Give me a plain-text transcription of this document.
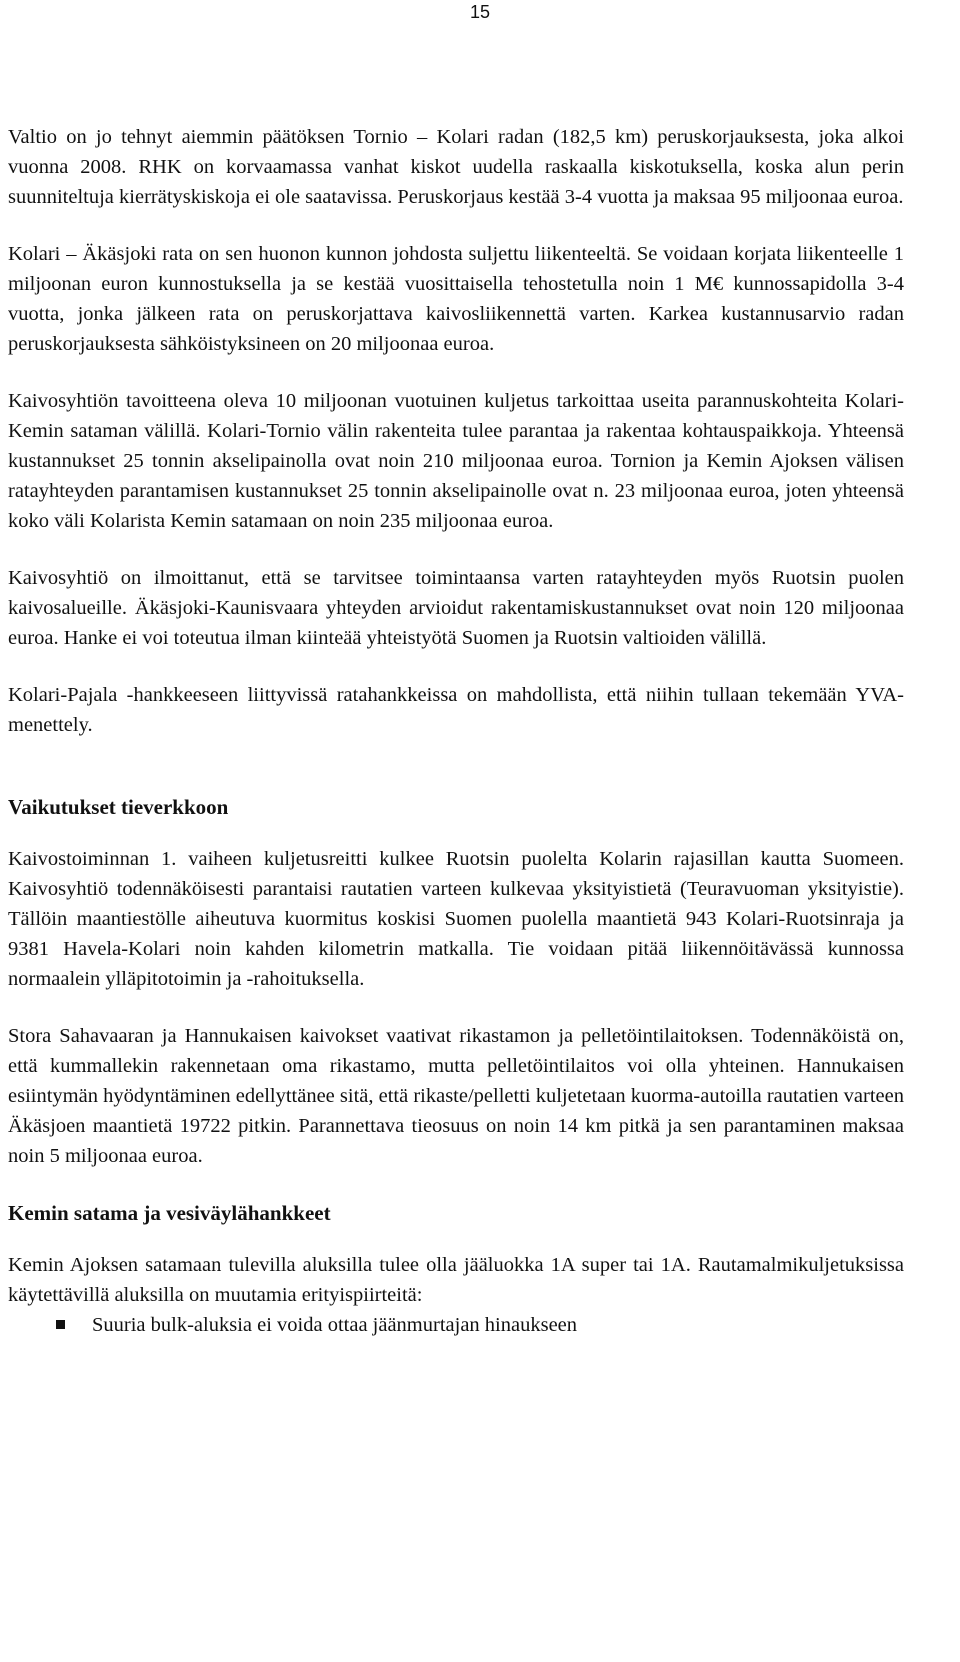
15

Valtio on jo tehnyt aiemmin päätöksen Tornio – Kolari radan (182,5 km) peruskorjauksesta, joka alkoi vuonna 2008. RHK on korvaamassa vanhat kiskot uudella raskaalla kiskotuksella, koska alun perin suunniteltuja kierrätyskiskoja ei ole saatavissa. Peruskorjaus kestää 3-4 vuotta ja maksaa 95 miljoonaa euroa.

Kolari – Äkäsjoki rata on sen huonon kunnon johdosta suljettu liikenteeltä. Se voidaan korjata liikenteelle 1 miljoonan euron kunnostuksella ja se kestää vuosittaisella tehostetulla noin 1 M€ kunnossapidolla 3-4 vuotta, jonka jälkeen rata on peruskorjattava kaivosliikennettä varten. Karkea kustannusarvio radan peruskorjauksesta sähköistyksineen on 20 miljoonaa euroa.

Kaivosyhtiön tavoitteena oleva 10 miljoonan vuotuinen kuljetus tarkoittaa useita parannuskohteita Kolari-Kemin sataman välillä. Kolari-Tornio välin rakenteita tulee parantaa ja rakentaa kohtauspaikkoja. Yhteensä kustannukset 25 tonnin akselipainolla ovat noin 210 miljoonaa euroa. Tornion ja Kemin Ajoksen välisen ratayhteyden parantamisen kustannukset 25 tonnin akselipainolle ovat n. 23 miljoonaa euroa, joten yhteensä koko väli Kolarista Kemin satamaan on noin 235 miljoonaa euroa.

Kaivosyhtiö on ilmoittanut, että se tarvitsee toimintaansa varten ratayhteyden myös Ruotsin puolen kaivosalueille. Äkäsjoki-Kaunisvaara yhteyden arvioidut rakentamiskustannukset ovat noin 120 miljoonaa euroa. Hanke ei voi toteutua ilman kiinteää yhteistyötä Suomen ja Ruotsin valtioiden välillä.

Kolari-Pajala -hankkeeseen liittyvissä ratahankkeissa on mahdollista, että niihin tullaan tekemään YVA-menettely.

Vaikutukset tieverkkoon

Kaivostoiminnan 1. vaiheen kuljetusreitti kulkee Ruotsin puolelta Kolarin rajasillan kautta Suomeen. Kaivosyhtiö todennäköisesti parantaisi rautatien varteen kulkevaa yksityistietä (Teuravuoman yksityistie). Tällöin maantiestölle aiheutuva kuormitus koskisi Suomen puolella maantietä 943 Kolari-Ruotsinraja ja 9381 Havela-Kolari noin kahden kilometrin matkalla. Tie voidaan pitää liikennöitävässä kunnossa normaalein ylläpitotoimin ja -rahoituksella.

Stora Sahavaaran ja Hannukaisen kaivokset vaativat rikastamon ja pelletöintilaitoksen. Todennäköistä on, että kummallekin rakennetaan oma rikastamo, mutta pelletöintilaitos voi olla yhteinen. Hannukaisen esiintymän hyödyntäminen edellyttänee sitä, että rikaste/pelletti kuljetetaan kuorma-autoilla rautatien varteen Äkäsjoen maantietä 19722 pitkin. Parannettava tieosuus on noin 14 km pitkä ja sen parantaminen maksaa noin 5 miljoonaa euroa.

Kemin satama ja vesiväylähankkeet

Kemin Ajoksen satamaan tulevilla aluksilla tulee olla jääluokka 1A super tai 1A. Rautamalmikuljetuksissa käytettävillä aluksilla on muutamia erityispiirteitä:

Suuria bulk-aluksia ei voida ottaa jäänmurtajan hinaukseen
